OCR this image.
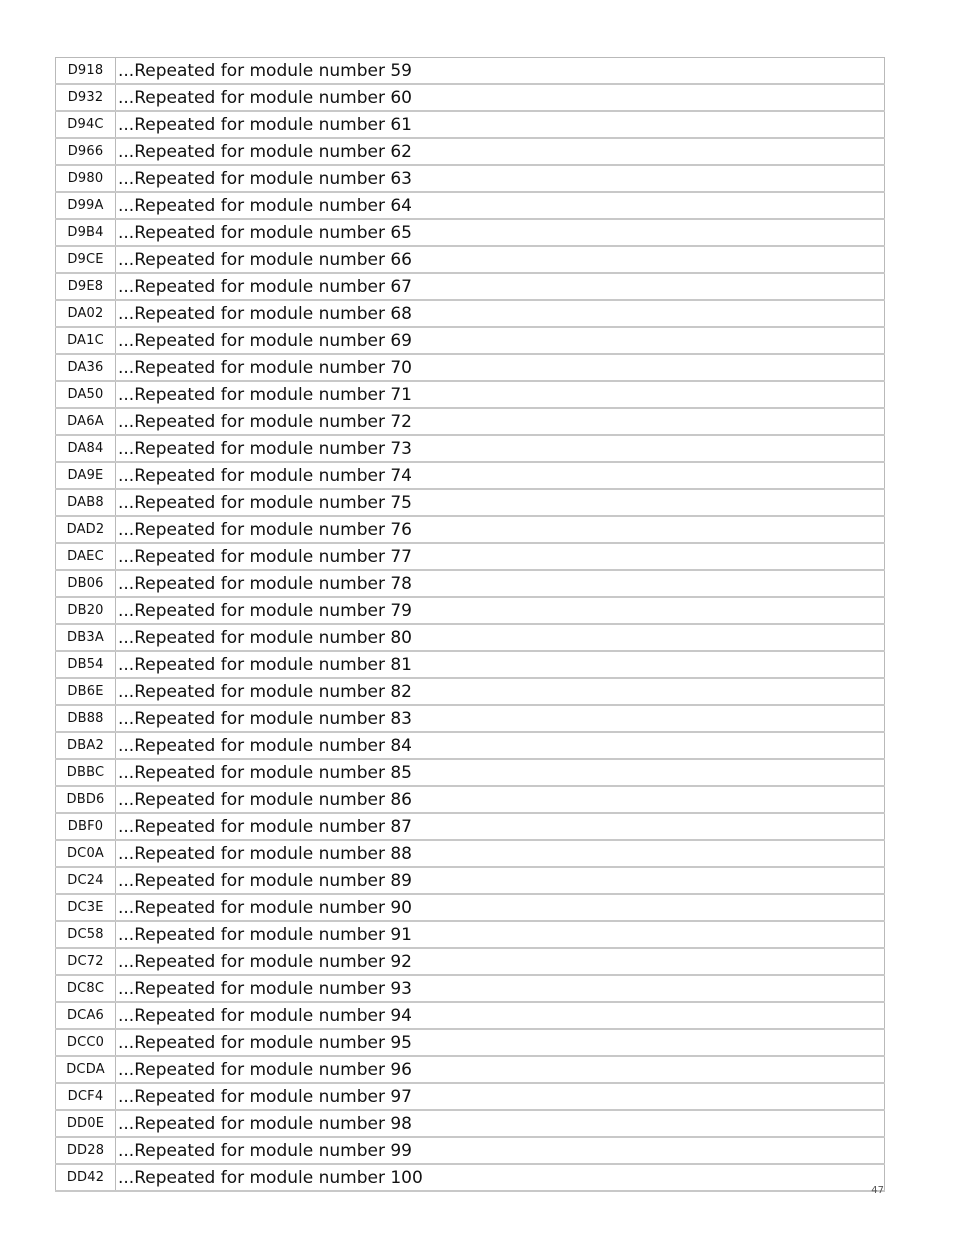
D918	...Repeated for module number 59
D932	...Repeated for module number 60
D94C	...Repeated for module number 61
D966	...Repeated for module number 62
D980	...Repeated for module number 63
D99A	...Repeated for module number 64
D9B4	...Repeated for module number 65
D9CE	...Repeated for module number 66
D9E8	...Repeated for module number 67
DA02	...Repeated for module number 68
DA1C	...Repeated for module number 69
DA36	...Repeated for module number 70
DA50	...Repeated for module number 71
DA6A	...Repeated for module number 72
DA84	...Repeated for module number 73
DA9E	...Repeated for module number 74
DAB8	...Repeated for module number 75
DAD2	...Repeated for module number 76
DAEC	...Repeated for module number 77
DB06	...Repeated for module number 78
DB20	...Repeated for module number 79
DB3A	...Repeated for module number 80
DB54	...Repeated for module number 81
DB6E	...Repeated for module number 82
DB88	...Repeated for module number 83
DBA2	...Repeated for module number 84
DBBC	...Repeated for module number 85
DBD6	...Repeated for module number 86
DBF0	...Repeated for module number 87
DC0A	...Repeated for module number 88
DC24	...Repeated for module number 89
DC3E	...Repeated for module number 90
DC58	...Repeated for module number 91
DC72	...Repeated for module number 92
DC8C	...Repeated for module number 93
DCA6	...Repeated for module number 94
DCC0	...Repeated for module number 95
DCDA	...Repeated for module number 96
DCF4	...Repeated for module number 97
DD0E	...Repeated for module number 98
DD28	...Repeated for module number 99
DD42	...Repeated for module number 100
47
